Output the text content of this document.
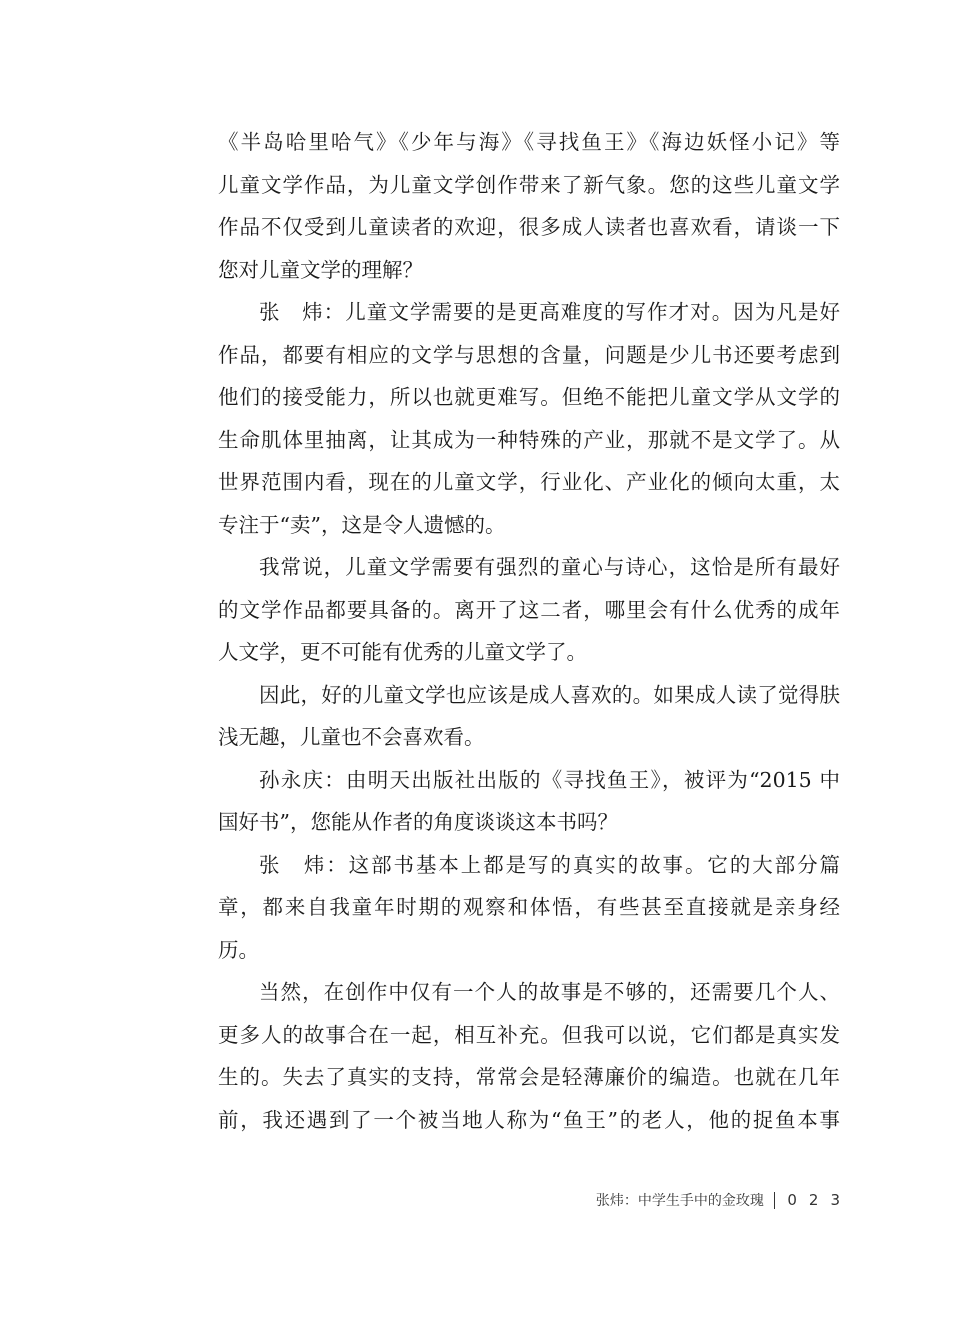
《半岛哈里哈气》《少年与海》《寻找鱼王》《海边妖怪小记》等
儿童文学作品，为儿童文学创作带来了新气象。您的这些儿童文学
作品不仅受到儿童读者的欢迎，很多成人读者也喜欢看，请谈一下
您对儿童文学的理解？
张　炜：儿童文学需要的是更高难度的写作才对。因为凡是好
作品，都要有相应的文学与思想的含量，问题是少儿书还要考虑到
他们的接受能力，所以也就更难写。但绝不能把儿童文学从文学的
生命肌体里抽离，让其成为一种特殊的产业，那就不是文学了。从
世界范围内看，现在的儿童文学，行业化、产业化的倾向太重，太
专注于“卖”，这是令人遗憾的。
我常说，儿童文学需要有强烈的童心与诗心，这恰是所有最好
的文学作品都要具备的。离开了这二者，哪里会有什么优秀的成年
人文学，更不可能有优秀的儿童文学了。
因此，好的儿童文学也应该是成人喜欢的。如果成人读了觉得肤
浅无趣，儿童也不会喜欢看。
孙永庆：由明天出版社出版的《寻找鱼王》，被评为“2015 中
国好书”，您能从作者的角度谈谈这本书吗？
张　炜：这部书基本上都是写的真实的故事。它的大部分篇
章，都来自我童年时期的观察和体悟，有些甚至直接就是亲身经
历。
当然，在创作中仅有一个人的故事是不够的，还需要几个人、
更多人的故事合在一起，相互补充。但我可以说，它们都是真实发
生的。失去了真实的支持，常常会是轻薄廉价的编造。也就在几年
前，我还遇到了一个被当地人称为“鱼王”的老人，他的捉鱼本事
张炜：中学生手中的金玫瑰 023
